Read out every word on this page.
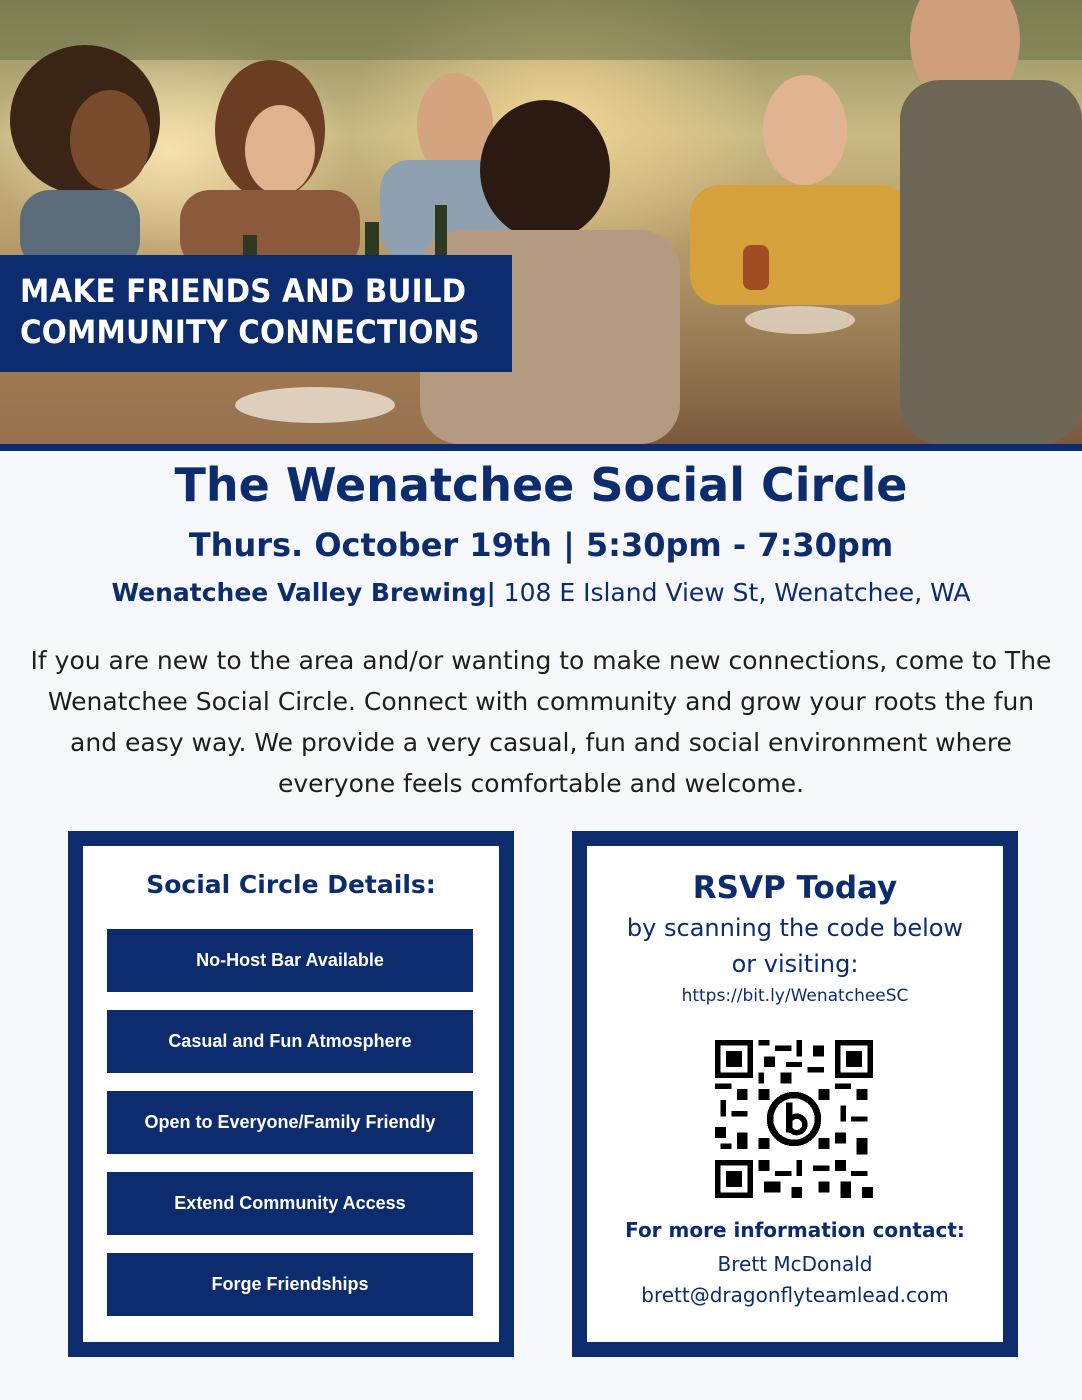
MAKE FRIENDS AND BUILD
COMMUNITY CONNECTIONS
The Wenatchee Social Circle
Thurs. October 19th | 5:30pm - 7:30pm
Wenatchee Valley Brewing| 108 E Island View St, Wenatchee, WA

If you are new to the area and/or wanting to make new connections, come to The Wenatchee Social Circle. Connect with community and grow your roots the fun and easy way. We provide a very casual, fun and social environment where everyone feels comfortable and welcome.

Social Circle Details:
No-Host Bar Available
Casual and Fun Atmosphere
Open to Everyone/Family Friendly
Extend Community Access
Forge Friendships
RSVP Today
by scanning the code below
or visiting:
https://bit.ly/WenatcheeSC
For more information contact:
Brett McDonald
brett@dragonflyteamlead.com
